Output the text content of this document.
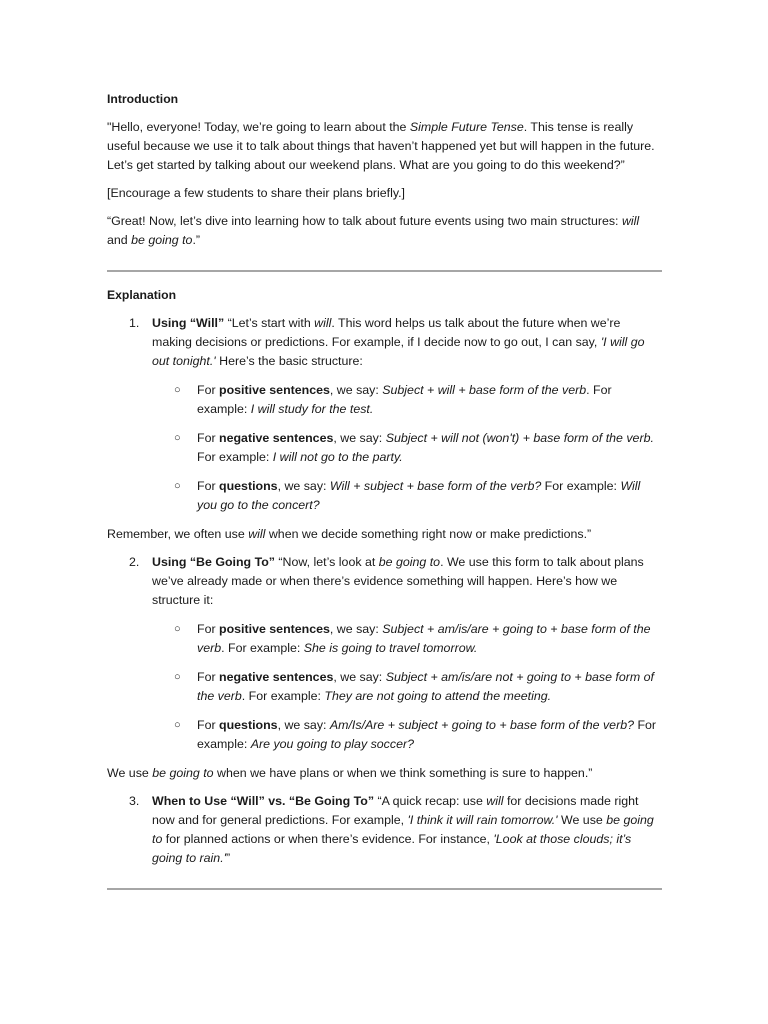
Introduction

"Hello, everyone! Today, we’re going to learn about the Simple Future Tense. This tense is really useful because we use it to talk about things that haven’t happened yet but will happen in the future. Let’s get started by talking about our weekend plans. What are you going to do this weekend?”

[Encourage a few students to share their plans briefly.]

“Great! Now, let’s dive into learning how to talk about future events using two main structures: will and be going to.”

Explanation

1. Using “Will” “Let’s start with will. This word helps us talk about the future when we’re making decisions or predictions. For example, if I decide now to go out, I can say, 'I will go out tonight.' Here’s the basic structure:
○ For positive sentences, we say: Subject + will + base form of the verb. For example: I will study for the test.
○ For negative sentences, we say: Subject + will not (won't) + base form of the verb. For example: I will not go to the party.
○ For questions, we say: Will + subject + base form of the verb? For example: Will you go to the concert?

Remember, we often use will when we decide something right now or make predictions.”

2. Using “Be Going To” “Now, let’s look at be going to. We use this form to talk about plans we’ve already made or when there’s evidence something will happen. Here’s how we structure it:
○ For positive sentences, we say: Subject + am/is/are + going to + base form of the verb. For example: She is going to travel tomorrow.
○ For negative sentences, we say: Subject + am/is/are not + going to + base form of the verb. For example: They are not going to attend the meeting.
○ For questions, we say: Am/Is/Are + subject + going to + base form of the verb? For example: Are you going to play soccer?

We use be going to when we have plans or when we think something is sure to happen.”

3. When to Use “Will” vs. “Be Going To” “A quick recap: use will for decisions made right now and for general predictions. For example, 'I think it will rain tomorrow.' We use be going to for planned actions or when there’s evidence. For instance, 'Look at those clouds; it’s going to rain.'”
